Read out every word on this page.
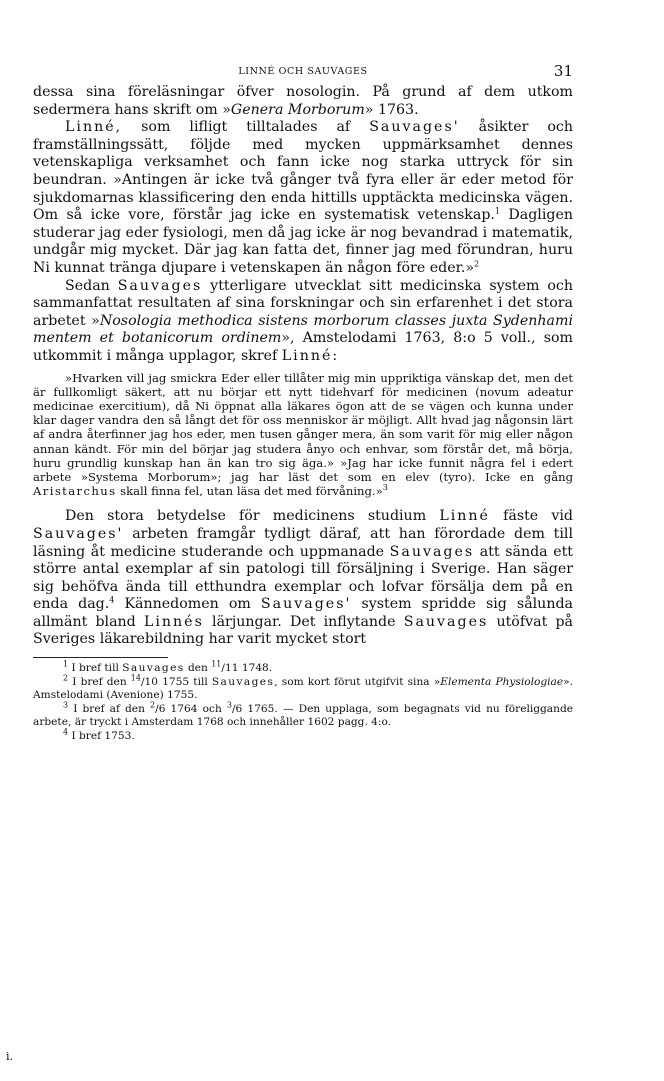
LINNÉ OCH SAUVAGES	31

dessa sina föreläsningar öfver nosologin. På grund af dem utkom sedermera hans skrift om »Genera Morborum» 1763.

Linné, som lifligt tilltalades af Sauvages' åsikter och framställningssätt, följde med mycken uppmärksamhet dennes vetenskapliga verksamhet och fann icke nog starka uttryck för sin beundran. »Antingen är icke två gånger två fyra eller är eder metod för sjukdomarnas klassificering den enda hittills upptäckta medicinska vägen. Om så icke vore, förstår jag icke en systematisk vetenskap.$^1$ Dagligen studerar jag eder fysiologi, men då jag icke är nog bevandrad i matematik, undgår mig mycket. Där jag kan fatta det, finner jag med förundran, huru Ni kunnat tränga djupare i vetenskapen än någon före eder.»$^2$

Sedan Sauvages ytterligare utvecklat sitt medicinska system och sammanfattat resultaten af sina forskningar och sin erfarenhet i det stora arbetet »Nosologia methodica sistens morborum classes juxta Sydenhami mentem et botanicorum ordinem», Amstelodami 1763, 8:o 5 voll., som utkommit i många upplagor, skref Linné:

»Hvarken vill jag smickra Eder eller tillåter mig min uppriktiga vänskap det, men det är fullkomligt säkert, att nu börjar ett nytt tidehvarf för medicinen (novum adeatur medicinae exercitium), då Ni öppnat alla läkares ögon att de se vägen och kunna under klar dager vandra den så långt det för oss menniskor är möjligt. Allt hvad jag någonsin lärt af andra återfinner jag hos eder, men tusen gånger mera, än som varit för mig eller någon annan kändt. För min del börjar jag studera ånyo och enhvar, som förstår det, må börja, huru grundlig kunskap han än kan tro sig äga.» »Jag har icke funnit några fel i edert arbete »Systema Morborum»; jag har läst det som en elev (tyro). Icke en gång Aristarchus skall finna fel, utan läsa det med förvåning.»$^3$

Den stora betydelse för medicinens studium Linné fäste vid Sauvages' arbeten framgår tydligt däraf, att han förordade dem till läsning åt medicine studerande och uppmanade Sauvages att sända ett större antal exemplar af sin patologi till försäljning i Sverige. Han säger sig behöfva ända till etthundra exemplar och lofvar försälja dem på en enda dag.$^4$ Kännedomen om Sauvages' system spridde sig sålunda allmänt bland Linnés lärjungar. Det inflytande Sauvages utöfvat på Sveriges läkarebildning har varit mycket stort

$^1$ I bref till Sauvages den $^{11}$/11 1748.

$^2$ I bref den $^{14}$/10 1755 till Sauvages, som kort förut utgifvit sina »Elementa Physiologiae». Amstelodami (Avenione) 1755.

$^3$ I bref af den $^2$/6 1764 och $^3$/6 1765. — Den upplaga, som begagnats vid nu föreliggande arbete, är tryckt i Amsterdam 1768 och innehåller 1602 pagg. 4:o.

$^4$ I bref 1753.

i.
